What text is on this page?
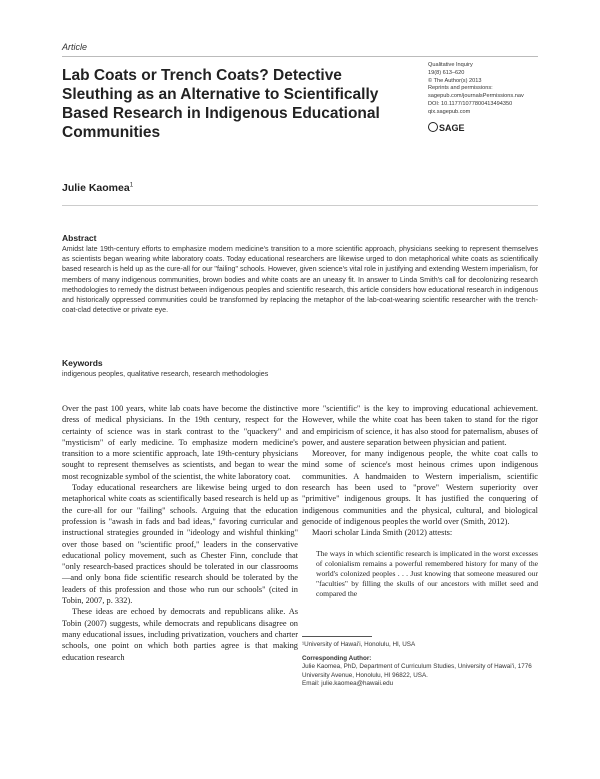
Article
Lab Coats or Trench Coats? Detective Sleuthing as an Alternative to Scientifically Based Research in Indigenous Educational Communities
Qualitative Inquiry
19(8) 613–620
© The Author(s) 2013
Reprints and permissions:
sagepub.com/journalsPermissions.nav
DOI: 10.1177/1077800413494350
qix.sagepub.com
SAGE
Julie Kaomea$^1$
Abstract
Amidst late 19th-century efforts to emphasize modern medicine's transition to a more scientific approach, physicians seeking to represent themselves as scientists began wearing white laboratory coats. Today educational researchers are likewise urged to don metaphorical white coats as scientifically based research is held up as the cure-all for our "failing" schools. However, given science's vital role in justifying and extending Western imperialism, for members of many indigenous communities, brown bodies and white coats are an uneasy fit. In answer to Linda Smith's call for decolonizing research methodologies to remedy the distrust between indigenous peoples and scientific research, this article considers how educational research in indigenous and historically oppressed communities could be transformed by replacing the metaphor of the lab-coat-wearing scientific researcher with the trench-coat-clad detective or private eye.
Keywords
indigenous peoples, qualitative research, research methodologies

Over the past 100 years, white lab coats have become the distinctive dress of medical physicians. In the 19th century, respect for the certainty of science was in stark contrast to the "quackery" and "mysticism" of early medicine. To emphasize modern medicine's transition to a more scientific approach, late 19th-century physicians sought to represent themselves as scientists, and began to wear the most recognizable symbol of the scientist, the white laboratory coat.

Today educational researchers are likewise being urged to don metaphorical white coats as scientifically based research is held up as the cure-all for our "failing" schools. Arguing that the education profession is "awash in fads and bad ideas," favoring curricular and instructional strategies grounded in "ideology and wishful thinking" over those based on "scientific proof," leaders in the conservative educational policy movement, such as Chester Finn, conclude that "only research-based practices should be tolerated in our classrooms—and only bona fide scientific research should be tolerated by the leaders of this profession and those who run our schools" (cited in Tobin, 2007, p. 332).

These ideas are echoed by democrats and republicans alike. As Tobin (2007) suggests, while democrats and republicans disagree on many educational issues, including privatization, vouchers and charter schools, one point on which both parties agree is that making education research

more "scientific" is the key to improving educational achievement. However, while the white coat has been taken to stand for the rigor and empiricism of science, it has also stood for paternalism, abuses of power, and austere separation between physician and patient.

Moreover, for many indigenous people, the white coat calls to mind some of science's most heinous crimes upon indigenous communities. A handmaiden to Western imperialism, scientific research has been used to "prove" Western superiority over "primitive" indigenous groups. It has justified the conquering of indigenous communities and the physical, cultural, and biological genocide of indigenous peoples the world over (Smith, 2012).

Maori scholar Linda Smith (2012) attests:

The ways in which scientific research is implicated in the worst excesses of colonialism remains a powerful remembered history for many of the world's colonized peoples . . . Just knowing that someone measured our "faculties" by filling the skulls of our ancestors with millet seed and compared the

¹University of Hawai'i, Honolulu, HI, USA
Corresponding Author:
Julie Kaomea, PhD, Department of Curriculum Studies, University of Hawai'i, 1776 University Avenue, Honolulu, HI 96822, USA.
Email: julie.kaomea@hawaii.edu
